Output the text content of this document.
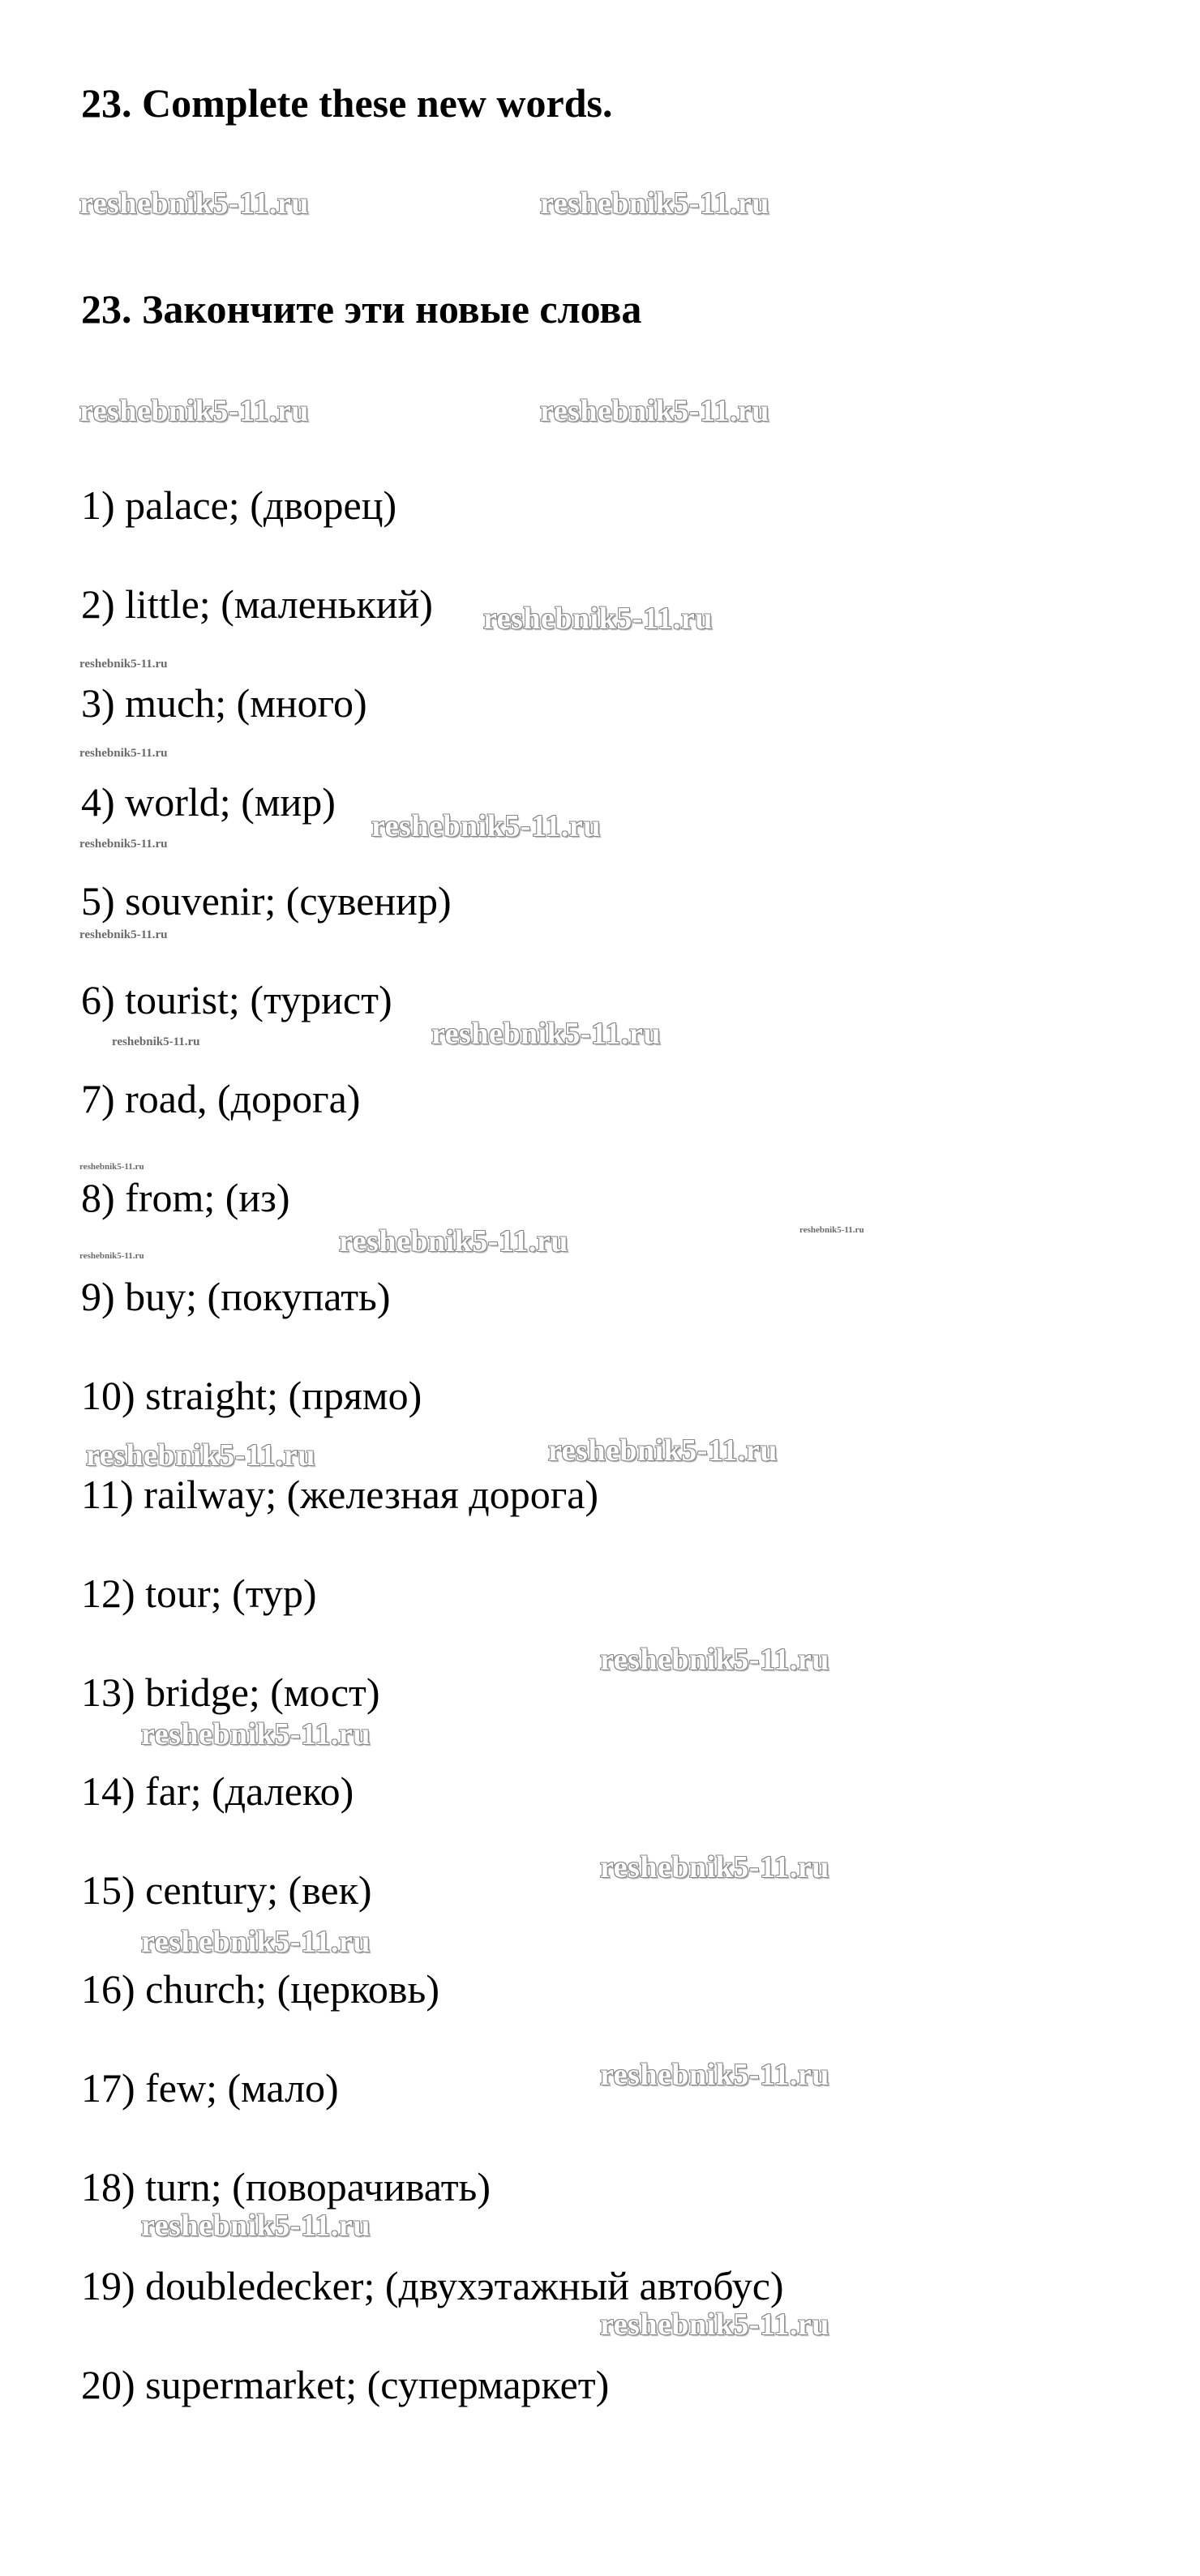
23. Complete these new words.
23. Закончите эти новые слова
1) palace; (дворец)
2) little; (маленький)
3) much; (много)
4) world; (мир)
5) souvenir; (сувенир)
6) tourist; (турист)
7) road, (дорога)
8) from; (из)
9) buy; (покупать)
10) straight; (прямо)
11) railway; (железная дорога)
12) tour; (тур)
13) bridge; (мост)
14) far; (далеко)
15) century; (век)
16) church; (церковь)
17) few; (мало)
18) turn; (поворачивать)
19) doubledecker; (двухэтажный автобус)
20) supermarket; (супермаркет)
reshebnik5-11.ru	reshebnik5-11.ru
reshebnik5-11.ru	reshebnik5-11.ru
reshebnik5-11.ru
reshebnik5-11.ru
reshebnik5-11.ru
reshebnik5-11.ru
reshebnik5-11.ru
reshebnik5-11.ru
reshebnik5-11.ru	reshebnik5-11.ru
reshebnik5-11.ru
reshebnik5-11.ru	reshebnik5-11.ru
reshebnik5-11.ru
reshebnik5-11.ru	reshebnik5-11.ru
reshebnik5-11.ru
reshebnik5-11.ru
reshebnik5-11.ru
reshebnik5-11.ru
reshebnik5-11.ru
reshebnik5-11.ru
reshebnik5-11.ru
